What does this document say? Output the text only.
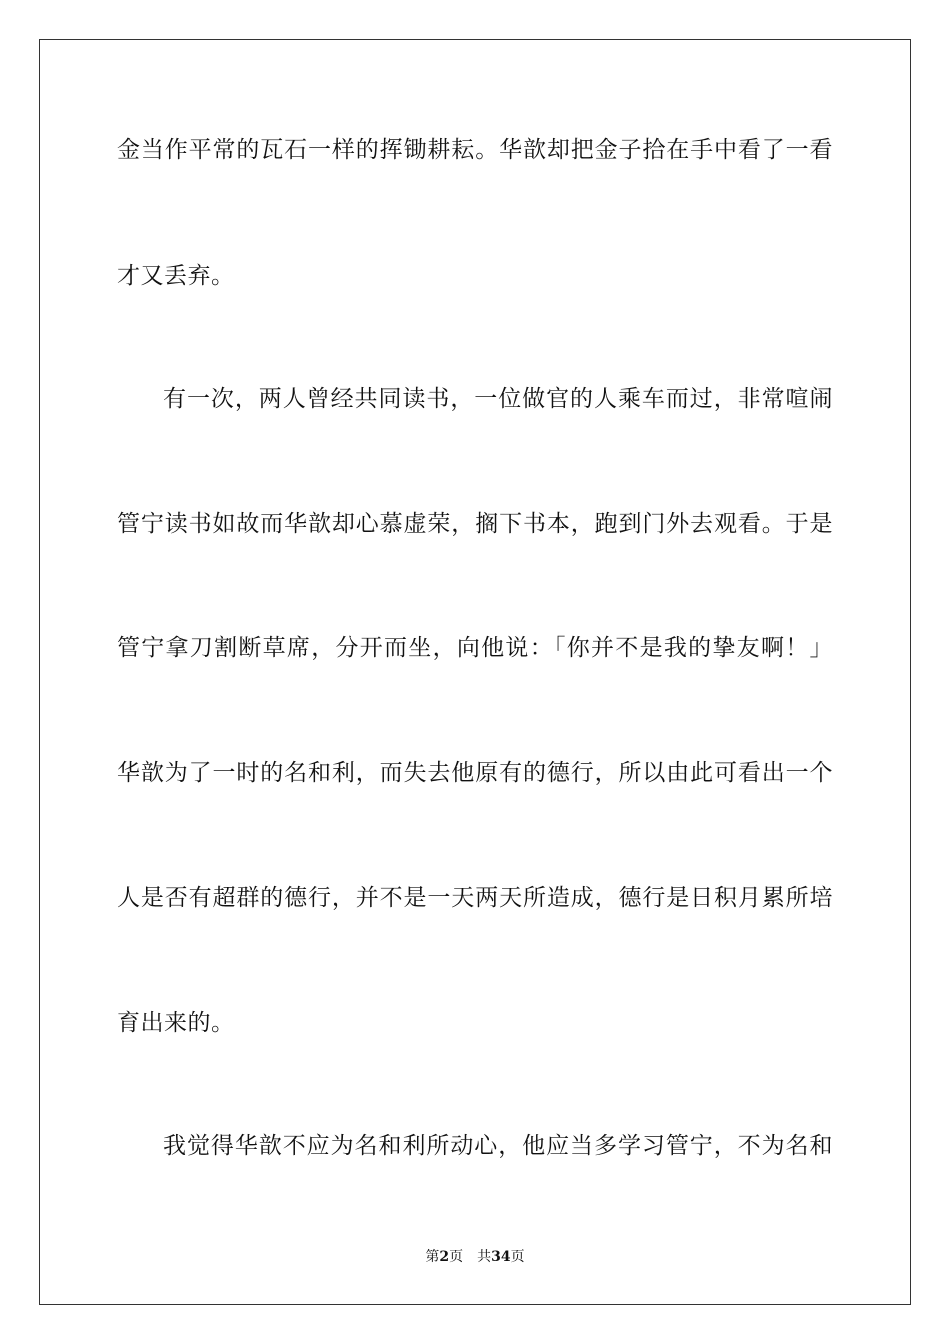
金当作平常的瓦石一样的挥锄耕耘。华歆却把金子拾在手中看了一看
才又丢弃。
有一次，两人曾经共同读书，一位做官的人乘车而过，非常喧闹
管宁读书如故而华歆却心慕虚荣，搁下书本，跑到门外去观看。于是
管宁拿刀割断草席，分开而坐，向他说：「你并不是我的挚友啊！」
华歆为了一时的名和利，而失去他原有的德行，所以由此可看出一个
人是否有超群的德行，并不是一天两天所造成，德行是日积月累所培
育出来的。
我觉得华歆不应为名和利所动心，他应当多学习管宁，不为名和
第2页 共34页
